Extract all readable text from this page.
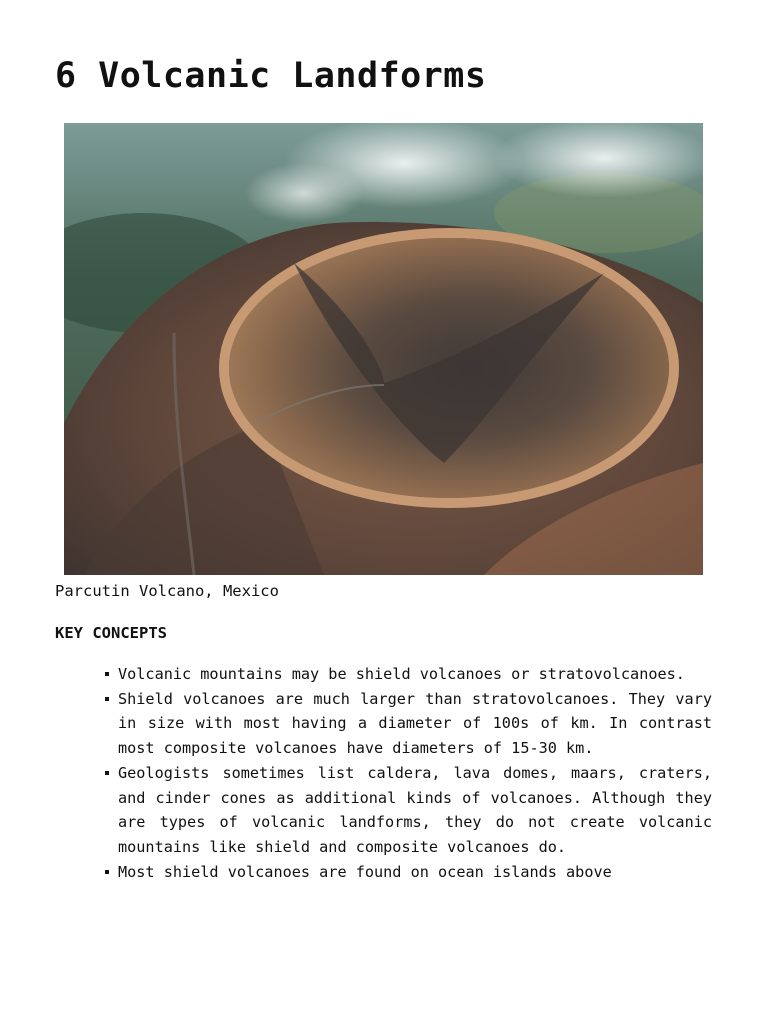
6 Volcanic Landforms
Parcutin Volcano, Mexico
KEY CONCEPTS
Volcanic mountains may be shield volcanoes or stratovolcanoes.
Shield volcanoes are much larger than stratovolcanoes. They vary in size with most having a diameter of 100s of km. In contrast most composite volcanoes have diameters of 15-30 km.
Geologists sometimes list caldera, lava domes, maars, craters, and cinder cones as additional kinds of volcanoes. Although they are types of volcanic landforms, they do not create volcanic mountains like shield and composite volcanoes do.
Most shield volcanoes are found on ocean islands above
